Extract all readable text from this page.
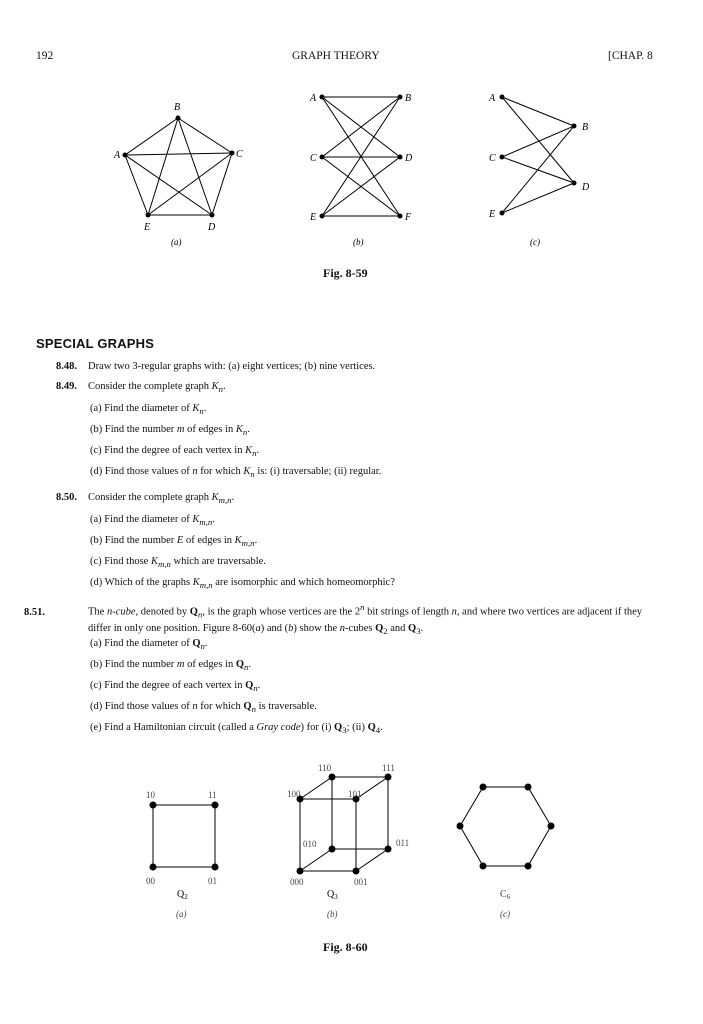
192	GRAPH THEORY	[CHAP. 8
A
B
C
D
E
(a)
A	B
C	D
E	F
(b)
A
B
C
D
E
(c)
Fig. 8-59
SPECIAL GRAPHS
8.48. Draw two 3-regular graphs with: (a) eight vertices; (b) nine vertices.
8.49. Consider the complete graph $K_n$.
(a) Find the diameter of $K_n$.
(b) Find the number m of edges in $K_n$.
(c) Find the degree of each vertex in $K_n$.
(d) Find those values of n for which $K_n$ is: (i) traversable; (ii) regular.
8.50. Consider the complete graph $K_{m,n}$.
(a) Find the diameter of $K_{m,n}$.
(b) Find the number E of edges in $K_{m,n}$.
(c) Find those $K_{m,n}$ which are traversable.
(d) Which of the graphs $K_{m,n}$ are isomorphic and which homeomorphic?
8.51.	The n-cube, denoted by $Q_n$, is the graph whose vertices are the 2$^n$ bit strings of length n, and where two vertices are adjacent if they differ in only one position. Figure 8-60(a) and (b) show the n-cubes $Q_2$ and $Q_3$.
(a) Find the diameter of $Q_n$.
(b) Find the number m of edges in $Q_n$.
(c) Find the degree of each vertex in $Q_n$.
(d) Find those values of n for which $Q_n$ is traversable.
(e) Find a Hamiltonian circuit (called a Gray code) for (i) $Q_3$; (ii) $Q_4$.
10	11
00	01
$Q_2$
(a)
110	111
100	101
010	011
000	001
$Q_3$
(b)
$C_6$
(c)
Fig. 8-60
